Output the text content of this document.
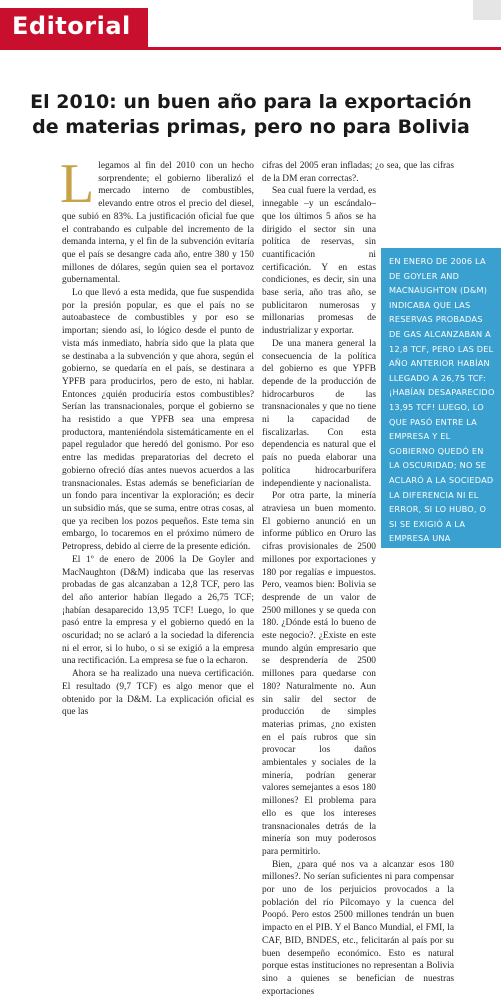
Editorial
El 2010: un buen año para la exportación
de materias primas, pero no para Bolivia

Llegamos al fin del 2010 con un hecho sorprendente; el gobierno liberalizó el mercado interno de combustibles, elevando entre otros el precio del diesel, que subió en 83%. La justificación oficial fue que el contrabando es culpable del incremento de la demanda interna, y el fin de la subvención evitaría que el país se desangre cada año, entre 380 y 150 millones de dólares, según quien sea el portavoz gubernamental.

Lo que llevó a esta medida, que fue suspendida por la presión popular, es que el país no se autoabastece de combustibles y por eso se importan; siendo así, lo lógico desde el punto de vista más inmediato, habría sido que la plata que se destinaba a la subvención y que ahora, según el gobierno, se quedaría en el país, se destinara a YPFB para producirlos, pero de esto, ni hablar. Entonces ¿quién produciría estos combustibles? Serían las transnacionales, porque el gobierno se ha resistido a que YPFB sea una empresa productora, manteniéndola sistemáticamente en el papel regulador que heredó del gonismo. Por eso entre las medidas preparatorias del decreto el gobierno ofreció días antes nuevos acuerdos a las transnacionales. Estas además se beneficiarían de un fondo para incentivar la exploración; es decir un subsidio más, que se suma, entre otras cosas, al que ya reciben los pozos pequeños. Este tema sin embargo, lo tocaremos en el próximo número de Petropress, debido al cierre de la presente edición.

El 1º de enero de 2006 la De Goyler and MacNaughton (D&M) indicaba que las reservas probadas de gas alcanzaban a 12,8 TCF, pero las del año anterior habían llegado a 26,75 TCF; ¡habían desaparecido 13,95 TCF! Luego, lo que pasó entre la empresa y el gobierno quedó en la oscuridad; no se aclaró a la sociedad la diferencia ni el error, si lo hubo, o si se exigió a la empresa una rectificación. La empresa se fue o la echaron.

Ahora se ha realizado una nueva certificación. El resultado (9,7 TCF) es algo menor que el obtenido por la D&M. La explicación oficial es que las

cifras del 2005 eran infladas; ¿o sea, que las cifras de la DM eran correctas?.

Sea cual fuere la verdad, es innegable –y un escándalo– que los últimos 5 años se ha dirigido el sector sin una política de reservas, sin cuantificación ni certificación. Y en estas condiciones, es decir, sin una base seria, año tras año, se publicitaron numerosas y millonarias promesas de industrializar y exportar.

De una manera general la consecuencia de la política del gobierno es que YPFB depende de la producción de hidrocarburos de las transnacionales y que no tiene ni la capacidad de fiscalizarlas. Con esta dependencia es natural que el país no pueda elaborar una política hidrocarburífera independiente y nacionalista.

Por otra parte, la minería atraviesa un buen momento. El gobierno anunció en un informe público en Oruro las cifras provisionales de 2500 millones por exportaciones y 180 por regalías e impuestos. Pero, veamos bien: Bolivia se desprende de un valor de 2500 millones y se queda con 180. ¿Dónde está lo bueno de este negocio?. ¿Existe en este mundo algún empresario que se desprendería de 2500 millones para quedarse con 180? Naturalmente no. Aun sin salir del sector de producción de simples materias primas, ¿no existen en el país rubros que sin provocar los daños ambientales y sociales de la minería, podrían generar valores semejantes a esos 180 millones? El problema para ello es que los intereses transnacionales detrás de la minería son muy poderosos para permitirlo.

Bien, ¿para qué nos va a alcanzar esos 180 millones?. No serían suficientes ni para compensar por uno de los perjuicios provocados a la población del río Pilcomayo y la cuenca del Poopó. Pero estos 2500 millones tendrán un buen impacto en el PIB. Y el Banco Mundial, el FMI, la CAF, BID, BNDES, etc., felicitarán al país por su buen desempeño económico. Esto es natural porque estas instituciones no representan a Bolivia sino a quienes se benefician de nuestras exportaciones

EN ENERO DE 2006 LA DE GOYLER AND MACNAUGHTON (D&M) INDICABA QUE LAS RESERVAS PROBADAS DE GAS ALCANZABAN A 12,8 TCF, PERO LAS DEL AÑO ANTERIOR HABÍAN LLEGADO A 26,75 TCF: ¡HABÍAN DESAPARECIDO 13,95 TCF! LUEGO, LO QUE PASÓ ENTRE LA EMPRESA Y EL GOBIERNO QUEDÓ EN LA OSCURIDAD; NO SE ACLARÓ A LA SOCIEDAD LA DIFERENCIA NI EL ERROR, SI LO HUBO, O SI SE EXIGIÓ A LA EMPRESA UNA RECTIFICACIÓN. LA EMPRESA SE FUE O LA ECHARON.
